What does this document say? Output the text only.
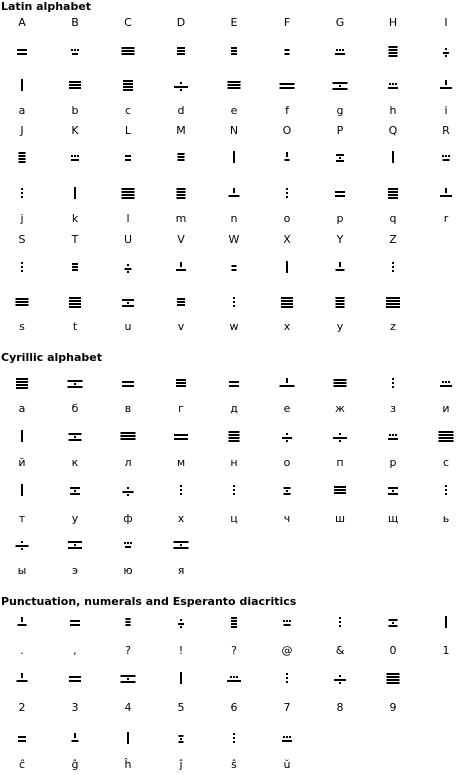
Latin alphabet
A	B	C	D	E	F	G	H	I
a	b	c	d	e	f	g	h	i
J	K	L	M	N	O	P	Q	R
j	k	l	m	n	o	p	q	r
S	T	U	V	W	X	Y	Z
s	t	u	v	w	x	y	z
Cyrillic alphabet
а	б	в	г	д	е	ж	з	и
й	к	л	м	н	о	п	р	с
т	у	ф	х	ц	ч	ш	щ	ь
ы	э	ю	я
Punctuation, numerals and Esperanto diacritics
.	,	?	!	?	@	&	0	1
2	3	4	5	6	7	8	9
ĉ	ĝ	ĥ	ĵ	ŝ	ŭ
